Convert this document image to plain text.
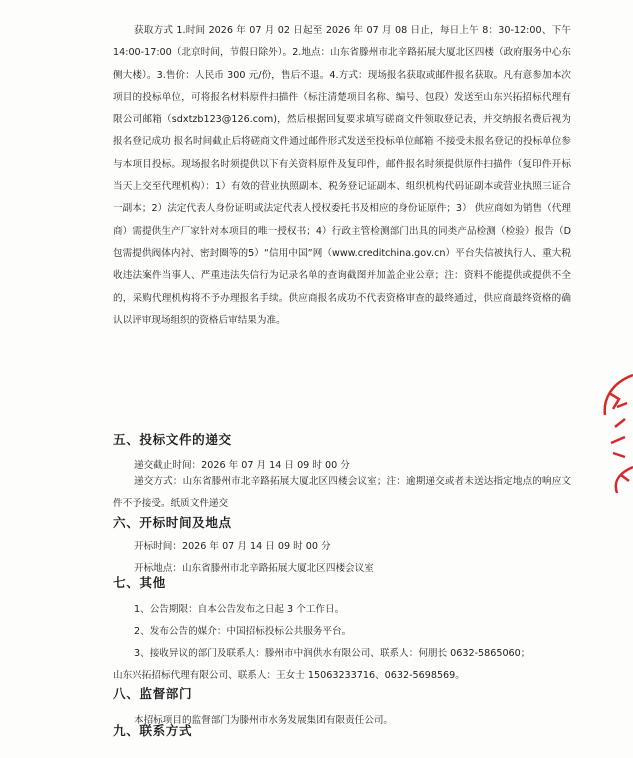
获取方式 1.时间 2026 年 07 月 02 日起至 2026 年 07 月 08 日止，每日上午 8：30-12:00、下午 14:00-17:00（北京时间，节假日除外）。2.地点：山东省滕州市北辛路拓展大厦北区四楼（政府服务中心东侧大楼）。3.售价：人民币 300 元/份，售后不退。4.方式：现场报名获取或邮件报名获取。凡有意参加本次项目的投标单位，可将报名材料原件扫描件（标注清楚项目名称、编号、包段）发送至山东兴拓招标代理有限公司邮箱（sdxtzb123@126.com)，然后根据回复要求填写磋商文件领取登记表，并交纳报名费后视为报名登记成功 报名时间截止后将磋商文件通过邮件形式发送至投标单位邮箱 不接受未报名登记的投标单位参与本项目投标。现场报名时须提供以下有关资料原件及复印件，邮件报名时须提供原件扫描件（复印件开标当天上交至代理机构）：1）有效的营业执照副本、税务登记证副本、组织机构代码证副本或营业执照三证合一副本；2）法定代表人身份证明或法定代表人授权委托书及相应的身份证原件；3） 供应商如为销售（代理商）需提供生产厂家针对本项目的唯一授权书；4）行政主管检测部门出具的同类产品检测（检验）报告（D 包需提供阀体内衬、密封圈等的5）“信用中国”网（www.creditchina.gov.cn）平台失信被执行人、重大税收违法案件当事人、严重违法失信行为记录名单的查询截图并加盖企业公章；注：资料不能提供或提供不全的，采购代理机构将不予办理报名手续。供应商报名成功不代表资格审查的最终通过，供应商最终资格的确认以评审现场组织的资格后审结果为准。

五、投标文件的递交

递交截止时间：2026 年 07 月 14 日 09 时 00 分

递交方式：山东省滕州市北辛路拓展大厦北区四楼会议室；注：逾期递交或者未送达指定地点的响应文件不予接受。纸质文件递交

六、开标时间及地点

开标时间：2026 年 07 月 14 日 09 时 00 分

开标地点：山东省滕州市北辛路拓展大厦北区四楼会议室

七、其他

1、公告期限：自本公告发布之日起 3 个工作日。

2、发布公告的媒介：中国招标投标公共服务平台。

3、接收异议的部门及联系人：滕州市中润供水有限公司、联系人：何朋长 0632-5865060；

山东兴拓招标代理有限公司、联系人：王女士 15063233716、0632-5698569。

八、监督部门

本招标项目的监督部门为滕州市水务发展集团有限责任公司。

九、联系方式
